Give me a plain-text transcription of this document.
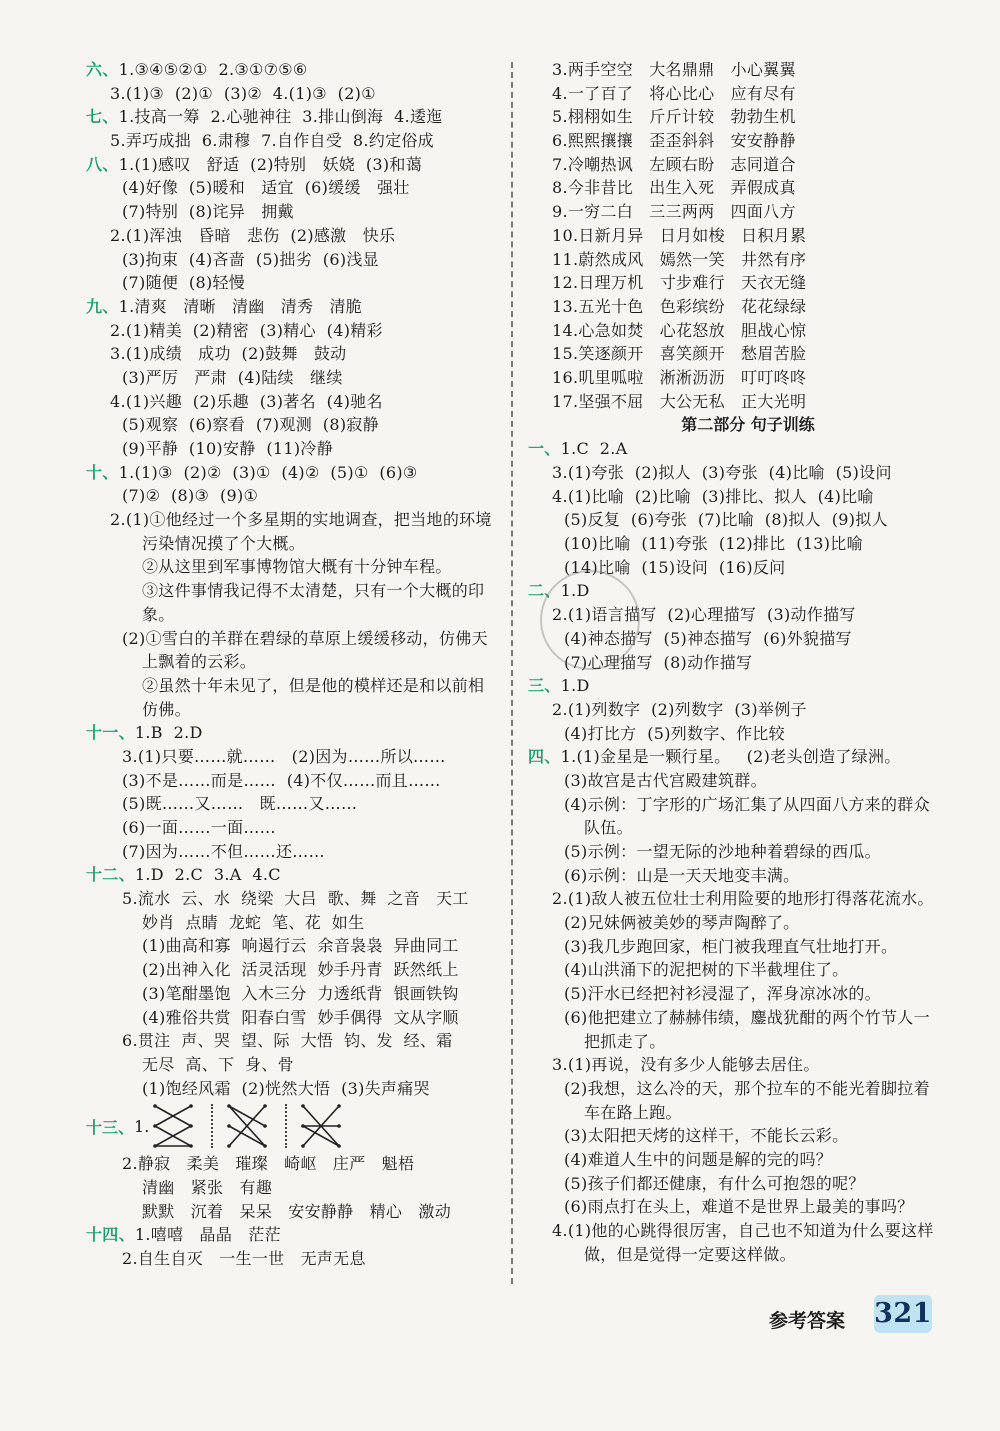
六、1.③④⑤②①  2.③①⑦⑤⑥
3.(1)③  (2)①  (3)②  4.(1)③  (2)①
七、1.技高一筹  2.心驰神往  3.排山倒海  4.逶迤
5.弄巧成拙  6.肃穆  7.自作自受  8.约定俗成
八、1.(1)感叹   舒适  (2)特别   妖娆  (3)和蔼
(4)好像  (5)暖和   适宜  (6)缓缓   强壮
(7)特别  (8)诧异   拥戴
2.(1)浑浊   昏暗   悲伤  (2)感激   快乐
(3)拘束  (4)吝啬  (5)拙劣  (6)浅显
(7)随便  (8)轻慢
九、1.清爽   清晰   清幽   清秀   清脆
2.(1)精美  (2)精密  (3)精心  (4)精彩
3.(1)成绩   成功  (2)鼓舞   鼓动
(3)严厉   严肃  (4)陆续   继续
4.(1)兴趣  (2)乐趣  (3)著名  (4)驰名
(5)观察  (6)察看  (7)观测  (8)寂静
(9)平静  (10)安静  (11)冷静
十、1.(1)③  (2)②  (3)①  (4)②  (5)①  (6)③
(7)②  (8)③  (9)①
2.(1)①他经过一个多星期的实地调查，把当地的环境
污染情况摸了个大概。
②从这里到军事博物馆大概有十分钟车程。
③这件事情我记得不太清楚，只有一个大概的印
象。
(2)①雪白的羊群在碧绿的草原上缓缓移动，仿佛天
上飘着的云彩。
②虽然十年未见了，但是他的模样还是和以前相
仿佛。
十一、1.B  2.D
3.(1)只要……就……   (2)因为……所以……
(3)不是……而是……  (4)不仅……而且……
(5)既……又……   既……又……
(6)一面……一面……
(7)因为……不但……还……
十二、1.D  2.C  3.A  4.C
5.流水  云、水  绕梁  大吕  歌、舞  之音   天工
妙肖  点睛  龙蛇  笔、花  如生
(1)曲高和寡  响遏行云  余音袅袅  异曲同工
(2)出神入化  活灵活现  妙手丹青  跃然纸上
(3)笔酣墨饱  入木三分  力透纸背  银画铁钩
(4)雅俗共赏  阳春白雪  妙手偶得  文从字顺
6.贯注  声、哭  望、际  大悟  钧、发  经、霜
无尽  高、下  身、骨
(1)饱经风霜  (2)恍然大悟  (3)失声痛哭
十三、 1.
2.静寂   柔美   璀璨   崎岖   庄严   魁梧
清幽   紧张   有趣
默默   沉着   呆呆   安安静静   精心   激动
十四、1.嘻嘻   晶晶   茫茫
2.自生自灭   一生一世   无声无息
3.两手空空   大名鼎鼎   小心翼翼
4.一了百了   将心比心   应有尽有
5.栩栩如生   斤斤计较   勃勃生机
6.熙熙攘攘   歪歪斜斜   安安静静
7.冷嘲热讽   左顾右盼   志同道合
8.今非昔比   出生入死   弄假成真
9.一穷二白   三三两两   四面八方
10.日新月异   日月如梭   日积月累
11.蔚然成风   嫣然一笑   井然有序
12.日理万机   寸步难行   天衣无缝
13.五光十色   色彩缤纷   花花绿绿
14.心急如焚   心花怒放   胆战心惊
15.笑逐颜开   喜笑颜开   愁眉苦脸
16.叽里呱啦   淅淅沥沥   叮叮咚咚
17.坚强不屈   大公无私   正大光明
第二部分 句子训练
一、1.C  2.A
3.(1)夸张  (2)拟人  (3)夸张  (4)比喻  (5)设问
4.(1)比喻  (2)比喻  (3)排比、拟人  (4)比喻
(5)反复  (6)夸张  (7)比喻  (8)拟人  (9)拟人
(10)比喻  (11)夸张  (12)排比  (13)比喻
(14)比喻  (15)设问  (16)反问
二、1.D
2.(1)语言描写  (2)心理描写  (3)动作描写
(4)神态描写  (5)神态描写  (6)外貌描写
(7)心理描写  (8)动作描写
三、1.D
2.(1)列数字  (2)列数字  (3)举例子
(4)打比方  (5)列数字、作比较
四、1.(1)金星是一颗行星。   (2)老头创造了绿洲。
(3)故宫是古代宫殿建筑群。
(4)示例：丁字形的广场汇集了从四面八方来的群众
队伍。
(5)示例：一望无际的沙地种着碧绿的西瓜。
(6)示例：山是一天天地变丰满。
2.(1)敌人被五位壮士利用险要的地形打得落花流水。
(2)兄妹俩被美妙的琴声陶醉了。
(3)我几步跑回家，柜门被我理直气壮地打开。
(4)山洪涌下的泥把树的下半截埋住了。
(5)汗水已经把衬衫浸湿了，浑身凉冰冰的。
(6)他把建立了赫赫伟绩，鏖战犹酣的两个竹节人一
把抓走了。
3.(1)再说，没有多少人能够去居住。
(2)我想，这么冷的天，那个拉车的不能光着脚拉着
车在路上跑。
(3)太阳把天烤的这样干，不能长云彩。
(4)难道人生中的问题是解的完的吗？
(5)孩子们都还健康，有什么可抱怨的呢？
(6)雨点打在头上，难道不是世界上最美的事吗？
4.(1)他的心跳得很厉害，自己也不知道为什么要这样
做，但是觉得一定要这样做。
参考答案 321
